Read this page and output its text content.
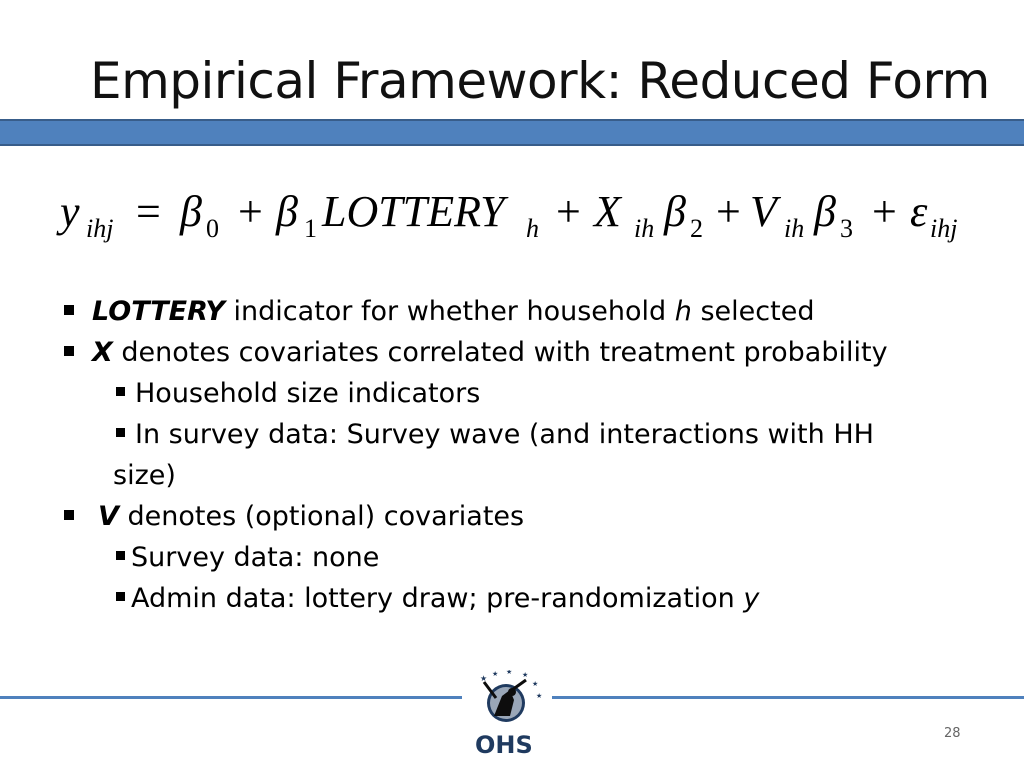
Empirical Framework: Reduced Form
y ihj = β 0 + β 1 LOTTERY h + X ih β 2 + V ih β 3 + ε ihj
LOTTERY indicator for whether household h selected
X denotes covariates correlated with treatment probability
Household size indicators
In survey data: Survey wave (and interactions with HH
size)
V denotes (optional) covariates
Survey data: none
Admin data: lottery draw; pre-randomization y
★ ★ ★ ★
★
★
OHS	28
